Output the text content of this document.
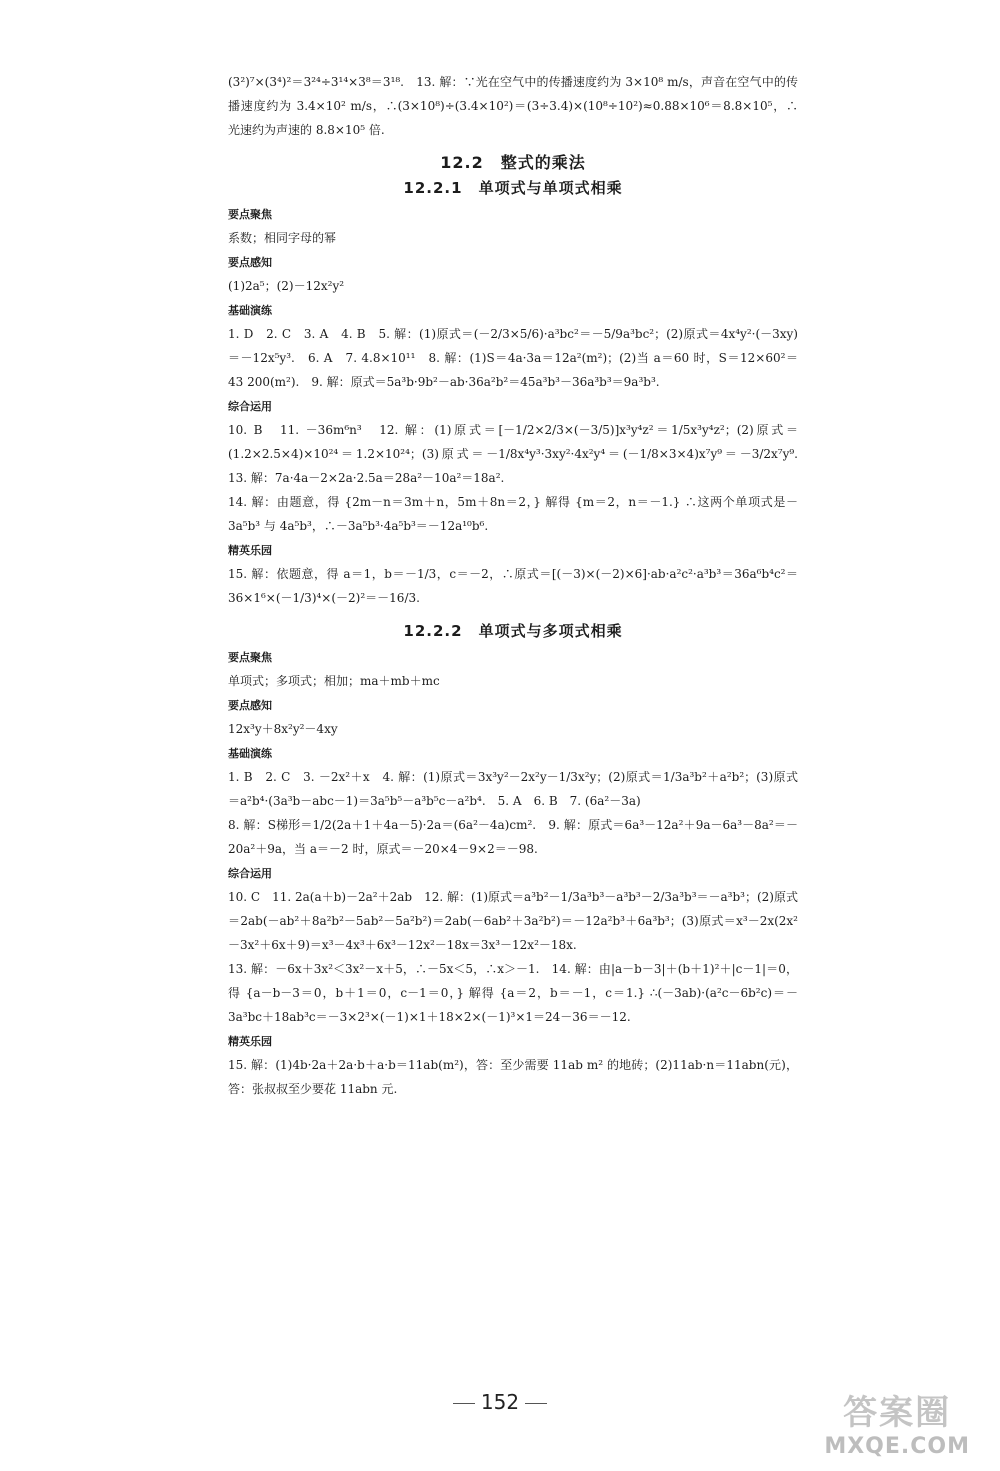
(3²)⁷×(3⁴)²＝3²⁴÷3¹⁴×3⁸＝3¹⁸.　13. 解：∵光在空气中的传播速度约为 3×10⁸ m/s，声音在空气中的传播速度约为 3.4×10² m/s，∴(3×10⁸)÷(3.4×10²)＝(3÷3.4)×(10⁸÷10²)≈0.88×10⁶＝8.8×10⁵，∴光速约为声速的 8.8×10⁵ 倍.

12.2　整式的乘法
12.2.1　单项式与单项式相乘
要点聚焦

系数；相同字母的幂

要点感知

(1)2a⁵；(2)－12x²y²

基础演练

1. D　2. C　3. A　4. B　5. 解：(1)原式＝(－2/3×5/6)·a³bc²＝－5/9a³bc²；(2)原式＝4x⁴y²·(－3xy)＝－12x⁵y³.　6. A　7. 4.8×10¹¹　8. 解：(1)S＝4a·3a＝12a²(m²)；(2)当 a＝60 时，S＝12×60²＝43 200(m²).　9. 解：原式＝5a³b·9b²－ab·36a²b²＝45a³b³－36a³b³＝9a³b³.

综合运用

10. B　11. －36m⁶n³　12. 解：(1)原式＝[－1/2×2/3×(－3/5)]x³y⁴z²＝1/5x³y⁴z²；(2)原式＝(1.2×2.5×4)×10²⁴＝1.2×10²⁴；(3)原式＝－1/8x⁴y³·3xy²·4x²y⁴＝(－1/8×3×4)x⁷y⁹＝－3/2x⁷y⁹.　13. 解：7a·4a－2×2a·2.5a＝28a²－10a²＝18a².

14. 解：由题意，得 {2m－n＝3m＋n，5m＋8n＝2，} 解得 {m＝2，n＝－1.} ∴这两个单项式是－3a⁵b³ 与 4a⁵b³，∴－3a⁵b³·4a⁵b³＝－12a¹⁰b⁶.

精英乐园

15. 解：依题意，得 a＝1，b＝－1/3，c＝－2，∴原式＝[(－3)×(－2)×6]·ab·a²c²·a³b³＝36a⁶b⁴c²＝36×1⁶×(－1/3)⁴×(－2)²＝－16/3.

12.2.2　单项式与多项式相乘
要点聚焦

单项式；多项式；相加；ma＋mb＋mc

要点感知

12x³y＋8x²y²－4xy

基础演练

1. B　2. C　3. －2x²＋x　4. 解：(1)原式＝3x³y²－2x²y－1/3x²y；(2)原式＝1/3a³b²＋a²b²；(3)原式＝a²b⁴·(3a³b－abc－1)＝3a⁵b⁵－a³b⁵c－a²b⁴.　5. A　6. B　7. (6a²－3a)

8. 解：S梯形＝1/2(2a＋1＋4a－5)·2a＝(6a²－4a)cm².　9. 解：原式＝6a³－12a²＋9a－6a³－8a²＝－20a²＋9a，当 a＝－2 时，原式＝－20×4－9×2＝－98.

综合运用

10. C　11. 2a(a＋b)－2a²＋2ab　12. 解：(1)原式＝a³b²－1/3a³b³－a³b³－2/3a³b³＝－a³b³；(2)原式＝2ab(－ab²＋8a²b²－5ab²－5a²b²)＝2ab(－6ab²＋3a²b²)＝－12a²b³＋6a³b³；(3)原式＝x³－2x(2x²－3x²＋6x＋9)＝x³－4x³＋6x³－12x²－18x＝3x³－12x²－18x.

13. 解：－6x＋3x²＜3x²－x＋5，∴－5x＜5，∴x＞－1.　14. 解：由|a－b－3|＋(b＋1)²＋|c－1|＝0，得 {a－b－3＝0，b＋1＝0，c－1＝0，} 解得 {a＝2，b＝－1，c＝1.} ∴(－3ab)·(a²c－6b²c)＝－3a³bc＋18ab³c＝－3×2³×(－1)×1＋18×2×(－1)³×1＝24－36＝－12.

精英乐园

15. 解：(1)4b·2a＋2a·b＋a·b＝11ab(m²)，答：至少需要 11ab m² 的地砖；(2)11ab·n＝11abn(元)，答：张叔叔至少要花 11abn 元.

152	答案圈
MXQE.COM
